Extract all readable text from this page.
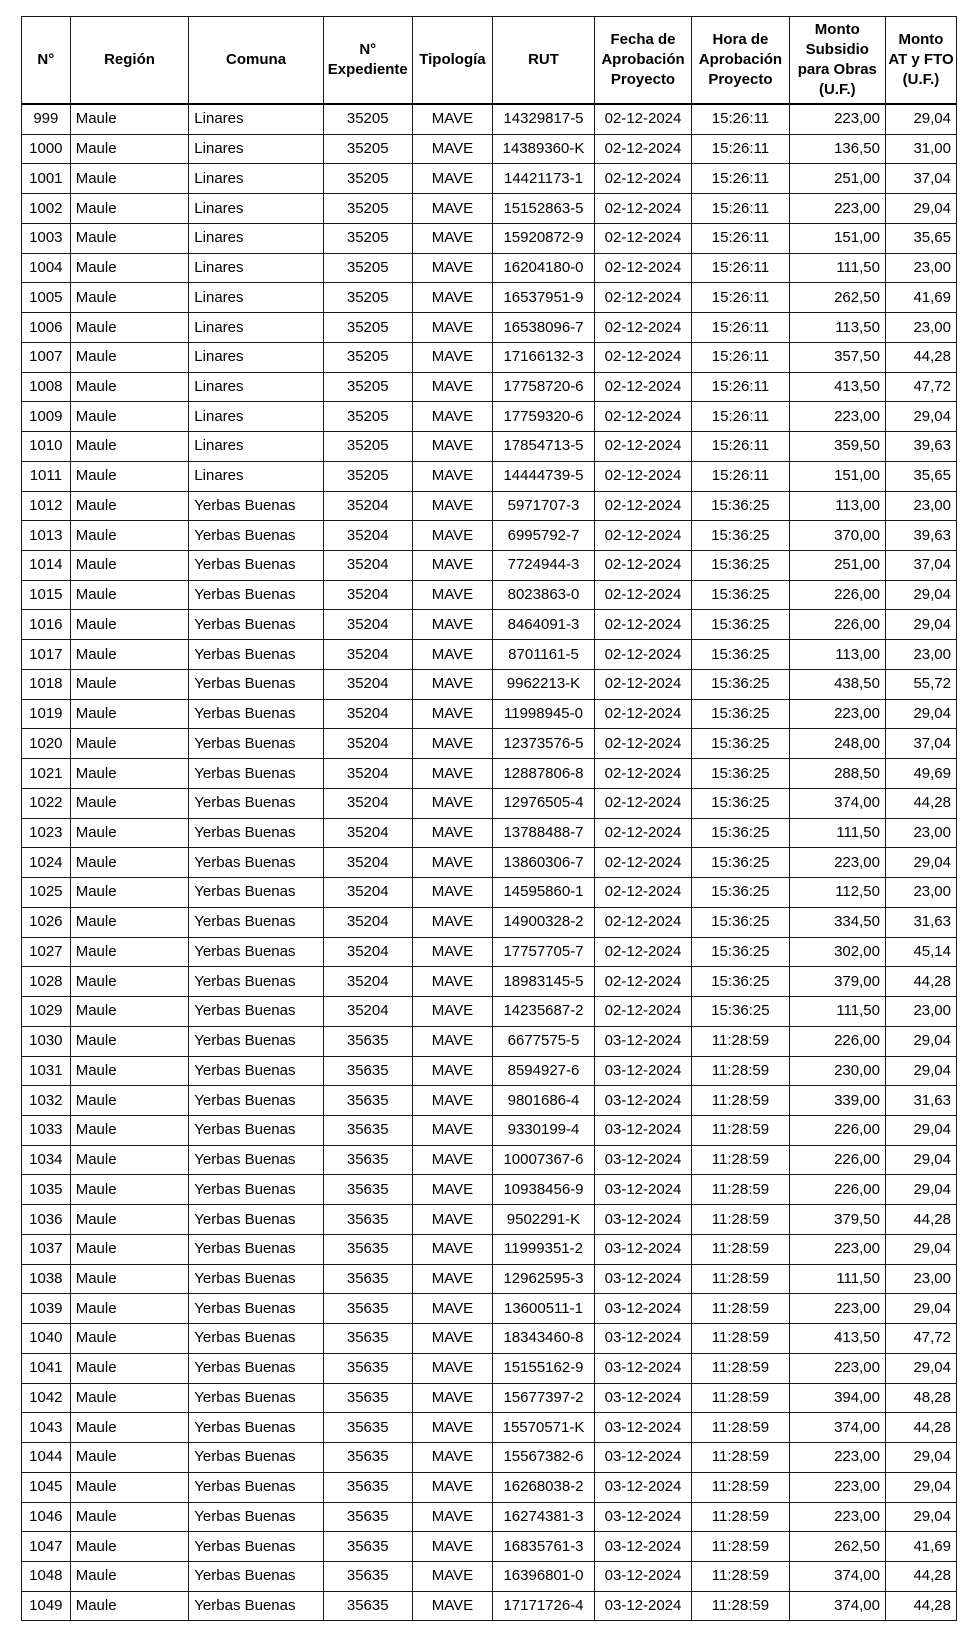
N°	Región	Comuna	N° Expediente	Tipología	RUT	Fecha de Aprobación Proyecto	Hora de Aprobación Proyecto	Monto Subsidio para Obras (U.F.)	Monto AT y FTO (U.F.)
999	Maule	Linares	35205	MAVE	14329817-5	02-12-2024	15:26:11	223,00	29,04
1000	Maule	Linares	35205	MAVE	14389360-K	02-12-2024	15:26:11	136,50	31,00
1001	Maule	Linares	35205	MAVE	14421173-1	02-12-2024	15:26:11	251,00	37,04
1002	Maule	Linares	35205	MAVE	15152863-5	02-12-2024	15:26:11	223,00	29,04
1003	Maule	Linares	35205	MAVE	15920872-9	02-12-2024	15:26:11	151,00	35,65
1004	Maule	Linares	35205	MAVE	16204180-0	02-12-2024	15:26:11	111,50	23,00
1005	Maule	Linares	35205	MAVE	16537951-9	02-12-2024	15:26:11	262,50	41,69
1006	Maule	Linares	35205	MAVE	16538096-7	02-12-2024	15:26:11	113,50	23,00
1007	Maule	Linares	35205	MAVE	17166132-3	02-12-2024	15:26:11	357,50	44,28
1008	Maule	Linares	35205	MAVE	17758720-6	02-12-2024	15:26:11	413,50	47,72
1009	Maule	Linares	35205	MAVE	17759320-6	02-12-2024	15:26:11	223,00	29,04
1010	Maule	Linares	35205	MAVE	17854713-5	02-12-2024	15:26:11	359,50	39,63
1011	Maule	Linares	35205	MAVE	14444739-5	02-12-2024	15:26:11	151,00	35,65
1012	Maule	Yerbas Buenas	35204	MAVE	5971707-3	02-12-2024	15:36:25	113,00	23,00
1013	Maule	Yerbas Buenas	35204	MAVE	6995792-7	02-12-2024	15:36:25	370,00	39,63
1014	Maule	Yerbas Buenas	35204	MAVE	7724944-3	02-12-2024	15:36:25	251,00	37,04
1015	Maule	Yerbas Buenas	35204	MAVE	8023863-0	02-12-2024	15:36:25	226,00	29,04
1016	Maule	Yerbas Buenas	35204	MAVE	8464091-3	02-12-2024	15:36:25	226,00	29,04
1017	Maule	Yerbas Buenas	35204	MAVE	8701161-5	02-12-2024	15:36:25	113,00	23,00
1018	Maule	Yerbas Buenas	35204	MAVE	9962213-K	02-12-2024	15:36:25	438,50	55,72
1019	Maule	Yerbas Buenas	35204	MAVE	11998945-0	02-12-2024	15:36:25	223,00	29,04
1020	Maule	Yerbas Buenas	35204	MAVE	12373576-5	02-12-2024	15:36:25	248,00	37,04
1021	Maule	Yerbas Buenas	35204	MAVE	12887806-8	02-12-2024	15:36:25	288,50	49,69
1022	Maule	Yerbas Buenas	35204	MAVE	12976505-4	02-12-2024	15:36:25	374,00	44,28
1023	Maule	Yerbas Buenas	35204	MAVE	13788488-7	02-12-2024	15:36:25	111,50	23,00
1024	Maule	Yerbas Buenas	35204	MAVE	13860306-7	02-12-2024	15:36:25	223,00	29,04
1025	Maule	Yerbas Buenas	35204	MAVE	14595860-1	02-12-2024	15:36:25	112,50	23,00
1026	Maule	Yerbas Buenas	35204	MAVE	14900328-2	02-12-2024	15:36:25	334,50	31,63
1027	Maule	Yerbas Buenas	35204	MAVE	17757705-7	02-12-2024	15:36:25	302,00	45,14
1028	Maule	Yerbas Buenas	35204	MAVE	18983145-5	02-12-2024	15:36:25	379,00	44,28
1029	Maule	Yerbas Buenas	35204	MAVE	14235687-2	02-12-2024	15:36:25	111,50	23,00
1030	Maule	Yerbas Buenas	35635	MAVE	6677575-5	03-12-2024	11:28:59	226,00	29,04
1031	Maule	Yerbas Buenas	35635	MAVE	8594927-6	03-12-2024	11:28:59	230,00	29,04
1032	Maule	Yerbas Buenas	35635	MAVE	9801686-4	03-12-2024	11:28:59	339,00	31,63
1033	Maule	Yerbas Buenas	35635	MAVE	9330199-4	03-12-2024	11:28:59	226,00	29,04
1034	Maule	Yerbas Buenas	35635	MAVE	10007367-6	03-12-2024	11:28:59	226,00	29,04
1035	Maule	Yerbas Buenas	35635	MAVE	10938456-9	03-12-2024	11:28:59	226,00	29,04
1036	Maule	Yerbas Buenas	35635	MAVE	9502291-K	03-12-2024	11:28:59	379,50	44,28
1037	Maule	Yerbas Buenas	35635	MAVE	11999351-2	03-12-2024	11:28:59	223,00	29,04
1038	Maule	Yerbas Buenas	35635	MAVE	12962595-3	03-12-2024	11:28:59	111,50	23,00
1039	Maule	Yerbas Buenas	35635	MAVE	13600511-1	03-12-2024	11:28:59	223,00	29,04
1040	Maule	Yerbas Buenas	35635	MAVE	18343460-8	03-12-2024	11:28:59	413,50	47,72
1041	Maule	Yerbas Buenas	35635	MAVE	15155162-9	03-12-2024	11:28:59	223,00	29,04
1042	Maule	Yerbas Buenas	35635	MAVE	15677397-2	03-12-2024	11:28:59	394,00	48,28
1043	Maule	Yerbas Buenas	35635	MAVE	15570571-K	03-12-2024	11:28:59	374,00	44,28
1044	Maule	Yerbas Buenas	35635	MAVE	15567382-6	03-12-2024	11:28:59	223,00	29,04
1045	Maule	Yerbas Buenas	35635	MAVE	16268038-2	03-12-2024	11:28:59	223,00	29,04
1046	Maule	Yerbas Buenas	35635	MAVE	16274381-3	03-12-2024	11:28:59	223,00	29,04
1047	Maule	Yerbas Buenas	35635	MAVE	16835761-3	03-12-2024	11:28:59	262,50	41,69
1048	Maule	Yerbas Buenas	35635	MAVE	16396801-0	03-12-2024	11:28:59	374,00	44,28
1049	Maule	Yerbas Buenas	35635	MAVE	17171726-4	03-12-2024	11:28:59	374,00	44,28
